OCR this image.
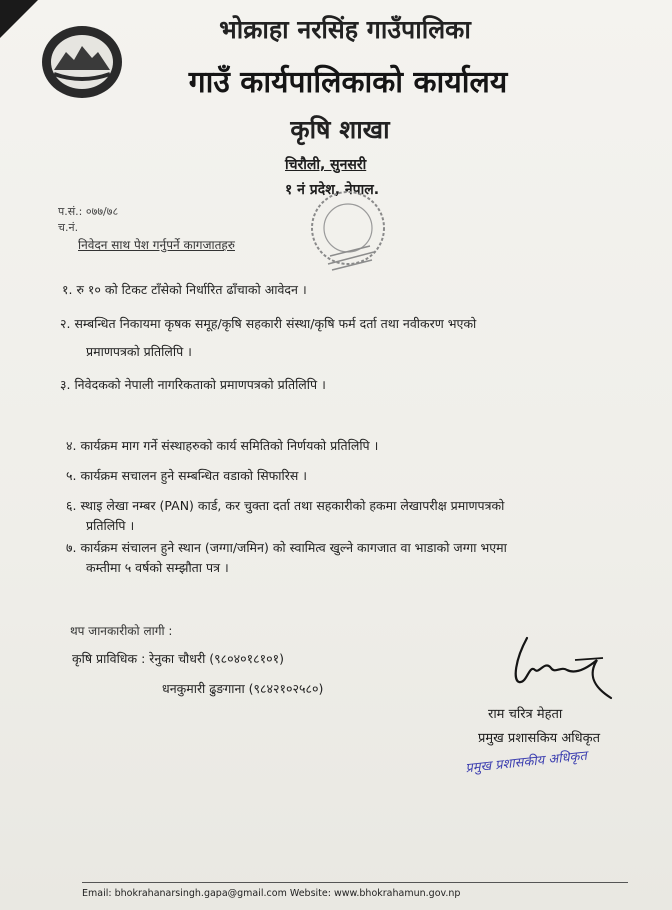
भोक्राहा नरसिंह गाउँपालिका
गाउँ कार्यपालिकाको कार्यालय
कृषि शाखा
चिरौली, सुनसरी
१ नं प्रदेश, नेपाल.
प.सं.: ०७७/७८
च.नं.
निवेदन साथ पेश गर्नुपर्ने कागजातहरु
१. रु १० को टिकट टाँसेको निर्धारित ढाँचाको आवेदन ।
२. सम्बन्धित निकायमा कृषक समूह/कृषि सहकारी संस्था/कृषि फर्म दर्ता तथा नवीकरण भएको
प्रमाणपत्रको प्रतिलिपि ।
३. निवेदकको नेपाली नागरिकताको प्रमाणपत्रको प्रतिलिपि ।
४. कार्यक्रम माग गर्ने संस्थाहरुको कार्य समितिको निर्णयको प्रतिलिपि ।
५. कार्यक्रम सचालन हुने सम्बन्धित वडाको सिफारिस ।
६. स्थाइ लेखा नम्बर (PAN) कार्ड, कर चुक्ता दर्ता तथा सहकारीको हकमा लेखापरीक्ष प्रमाणपत्रको
प्रतिलिपि ।
७. कार्यक्रम संचालन हुने स्थान (जग्गा/जमिन) को स्वामित्व खुल्ने कागजात वा भाडाको जग्गा भएमा
कम्तीमा ५ वर्षको सम्झौता पत्र ।
थप जानकारीको लागी :
कृषि प्राविधिक : रेनुका चौधरी (९८०४०१८१०१)
धनकुमारी ढुङगाना (९८४२१०२५८०)
राम चरित्र मेहता
प्रमुख प्रशासकिय अधिकृत
प्रमुख प्रशासकीय अधिकृत
Email: bhokrahanarsingh.gapa@gmail.com Website: www.bhokrahamun.gov.np
